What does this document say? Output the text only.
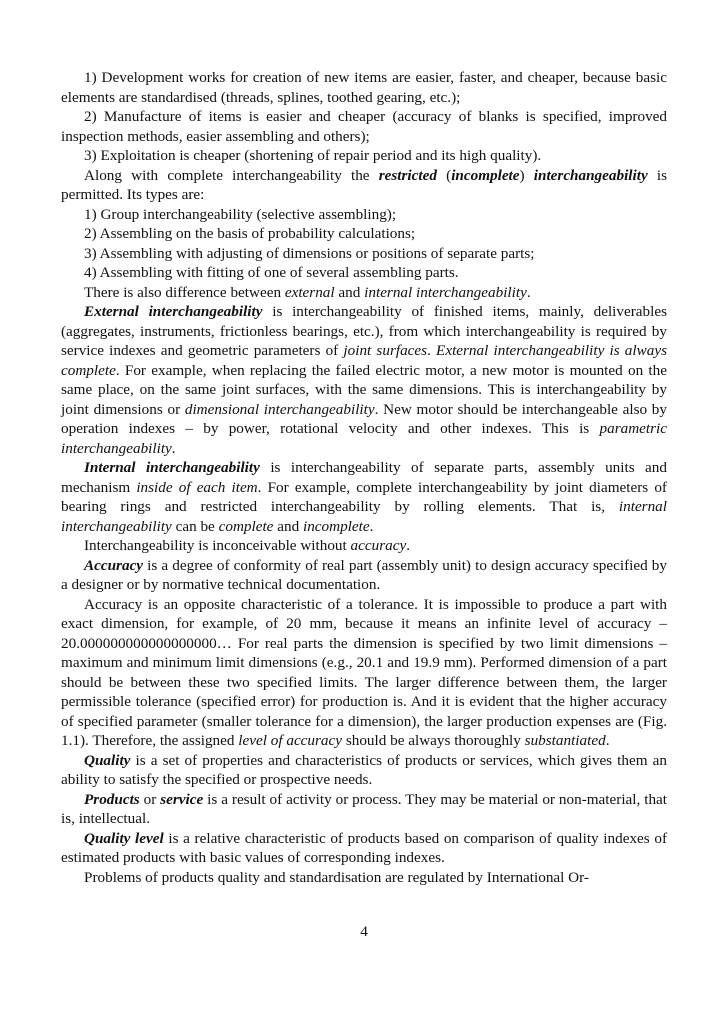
1) Development works for creation of new items are easier, faster, and cheaper, because basic elements are standardised (threads, splines, toothed gearing, etc.);

2) Manufacture of items is easier and cheaper (accuracy of blanks is specified, improved inspection methods, easier assembling and others);

3) Exploitation is cheaper (shortening of repair period and its high quality).

Along with complete interchangeability the restricted (incomplete) interchangeability is permitted. Its types are:

1) Group interchangeability (selective assembling);

2) Assembling on the basis of probability calculations;

3) Assembling with adjusting of dimensions or positions of separate parts;

4) Assembling with fitting of one of several assembling parts.

There is also difference between external and internal interchangeability.

External interchangeability is interchangeability of finished items, mainly, deliverables (aggregates, instruments, frictionless bearings, etc.), from which interchangeability is required by service indexes and geometric parameters of joint surfaces. External interchangeability is always complete. For example, when replacing the failed electric motor, a new motor is mounted on the same place, on the same joint surfaces, with the same dimensions. This is interchangeability by joint dimensions or dimensional interchangeability. New motor should be interchangeable also by operation indexes – by power, rotational velocity and other indexes. This is parametric interchangeability.

Internal interchangeability is interchangeability of separate parts, assembly units and mechanism inside of each item. For example, complete interchangeability by joint diameters of bearing rings and restricted interchangeability by rolling elements. That is, internal interchangeability can be complete and incomplete.

Interchangeability is inconceivable without accuracy.

Accuracy is a degree of conformity of real part (assembly unit) to design accuracy specified by a designer or by normative technical documentation.

Accuracy is an opposite characteristic of a tolerance. It is impossible to produce a part with exact dimension, for example, of 20 mm, because it means an infinite level of accuracy – 20.000000000000000000… For real parts the dimension is specified by two limit dimensions – maximum and minimum limit dimensions (e.g., 20.1 and 19.9 mm). Performed dimension of a part should be between these two specified limits. The larger difference between them, the larger permissible tolerance (specified error) for production is. And it is evident that the higher accuracy of specified parameter (smaller tolerance for a dimension), the larger production expenses are (Fig. 1.1). Therefore, the assigned level of accuracy should be always thoroughly substantiated.

Quality is a set of properties and characteristics of products or services, which gives them an ability to satisfy the specified or prospective needs.

Products or service is a result of activity or process. They may be material or non-material, that is, intellectual.

Quality level is a relative characteristic of products based on comparison of quality indexes of estimated products with basic values of corresponding indexes.

Problems of products quality and standardisation are regulated by International Or-

4
